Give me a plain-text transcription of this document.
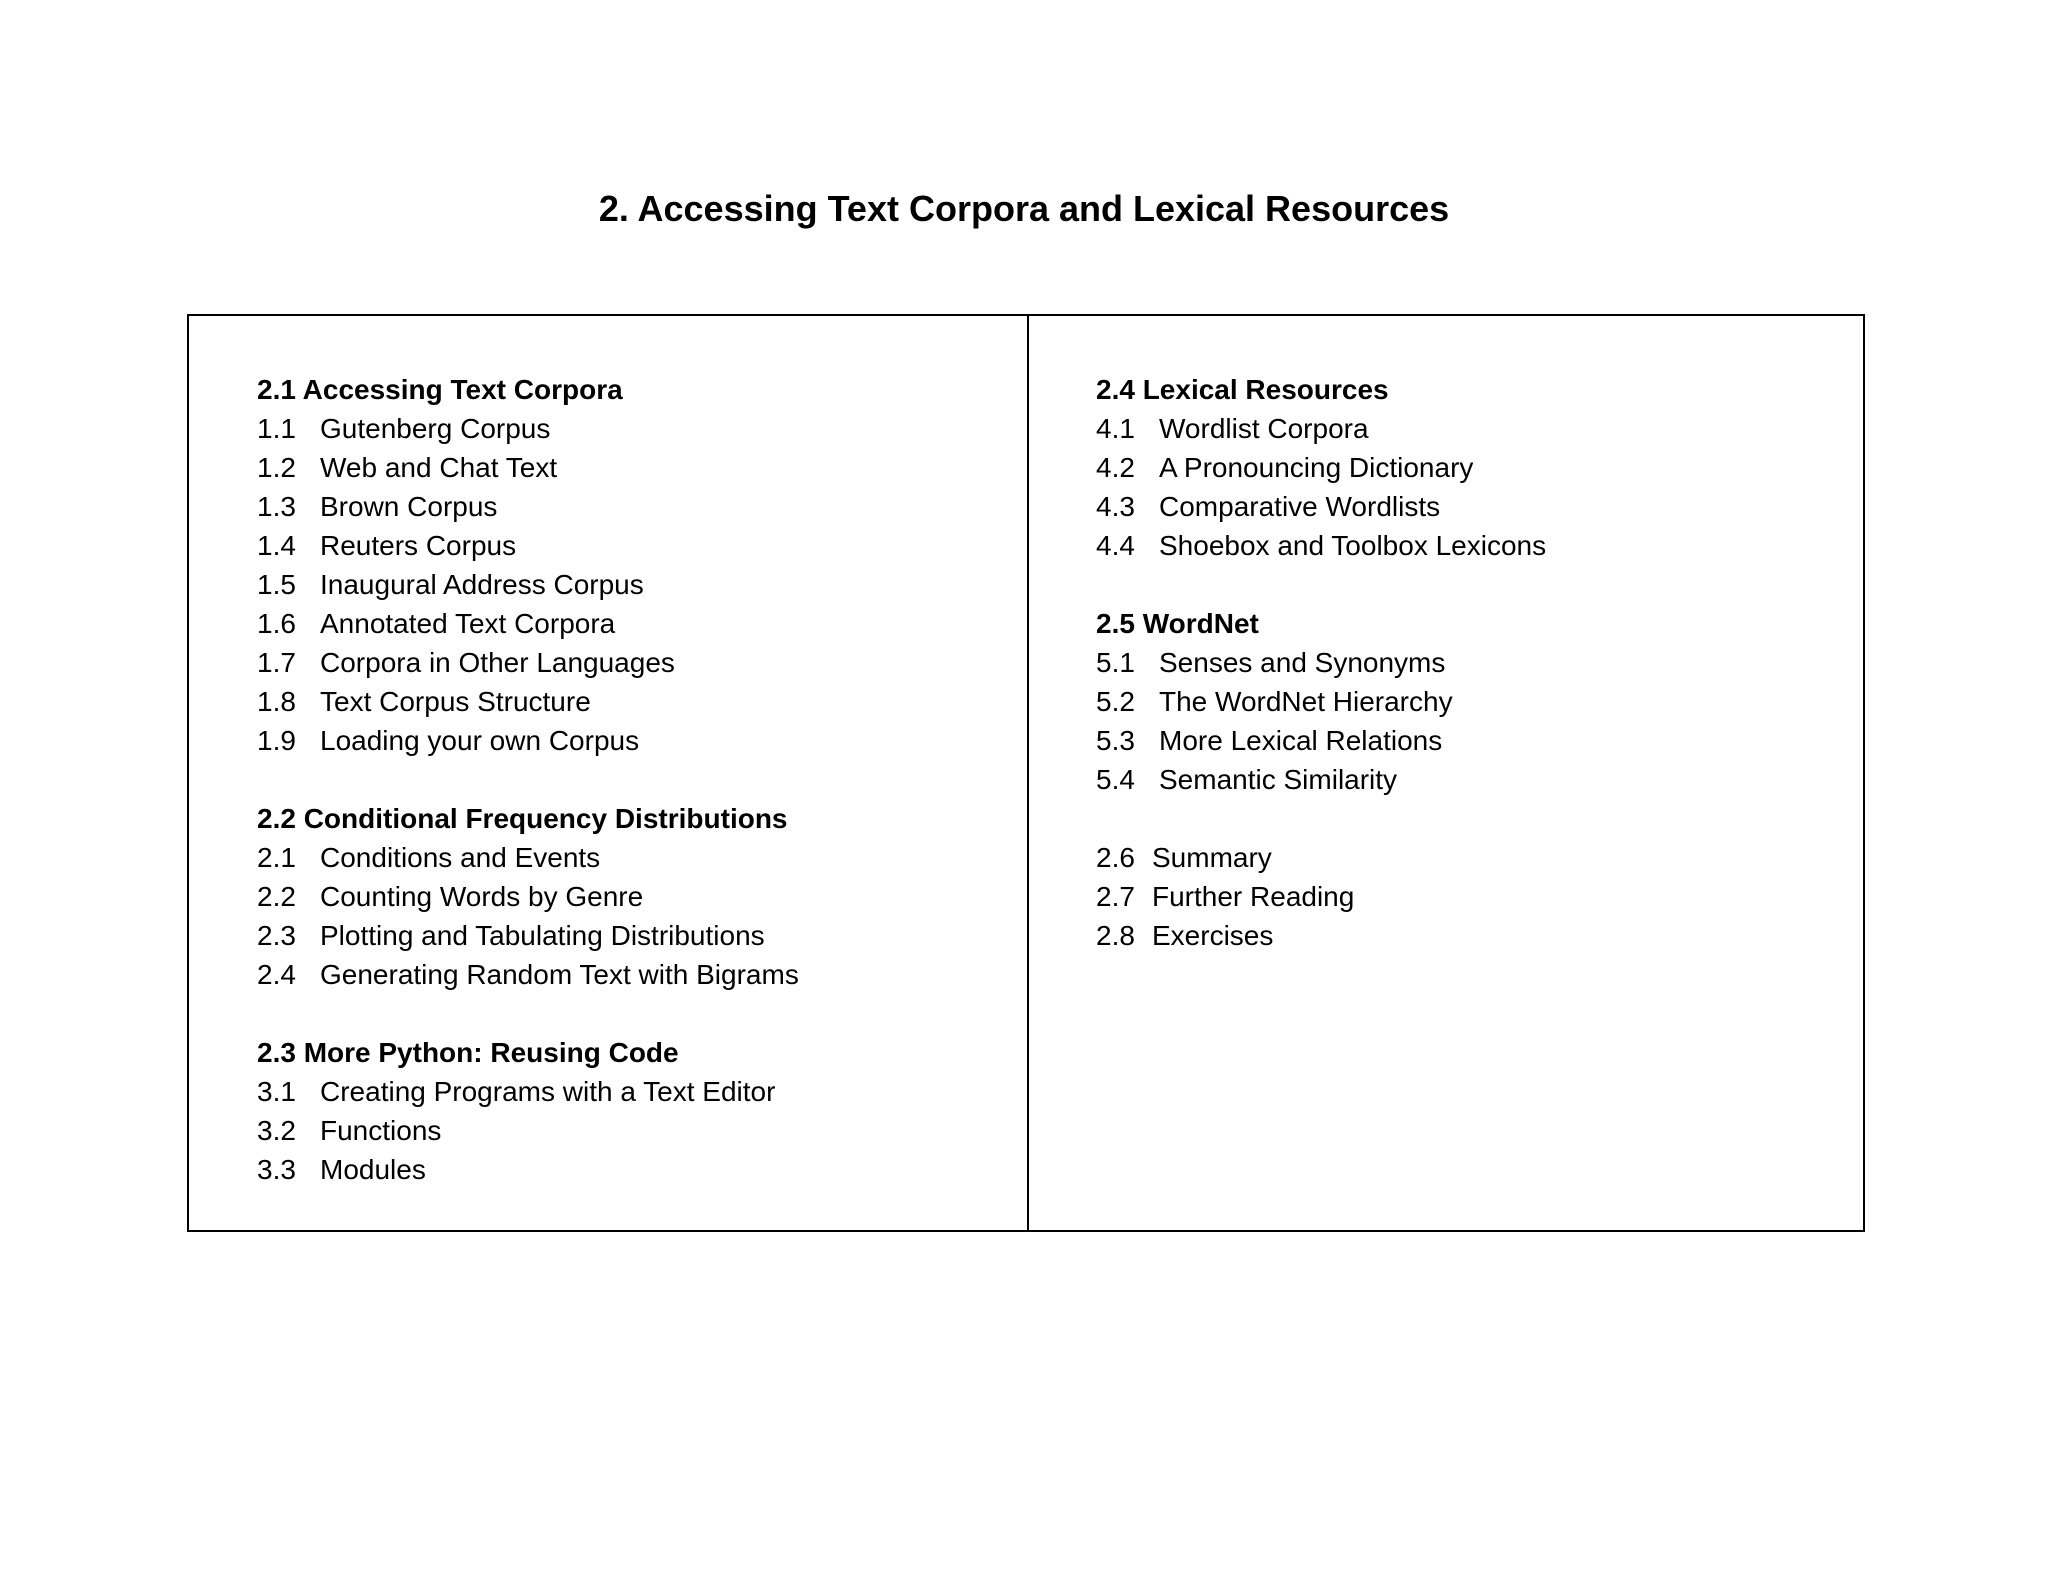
2. Accessing Text Corpora and Lexical Resources
2.1 Accessing Text Corpora
1.1 Gutenberg Corpus
1.2 Web and Chat Text
1.3 Brown Corpus
1.4 Reuters Corpus
1.5 Inaugural Address Corpus
1.6 Annotated Text Corpora
1.7 Corpora in Other Languages
1.8 Text Corpus Structure
1.9 Loading your own Corpus
2.2 Conditional Frequency Distributions
2.1 Conditions and Events
2.2 Counting Words by Genre
2.3 Plotting and Tabulating Distributions
2.4 Generating Random Text with Bigrams
2.3 More Python: Reusing Code
3.1 Creating Programs with a Text Editor
3.2 Functions
3.3 Modules
2.4 Lexical Resources
4.1 Wordlist Corpora
4.2 A Pronouncing Dictionary
4.3 Comparative Wordlists
4.4 Shoebox and Toolbox Lexicons
2.5 WordNet
5.1 Senses and Synonyms
5.2 The WordNet Hierarchy
5.3 More Lexical Relations
5.4 Semantic Similarity
2.6 Summary
2.7 Further Reading
2.8 Exercises
